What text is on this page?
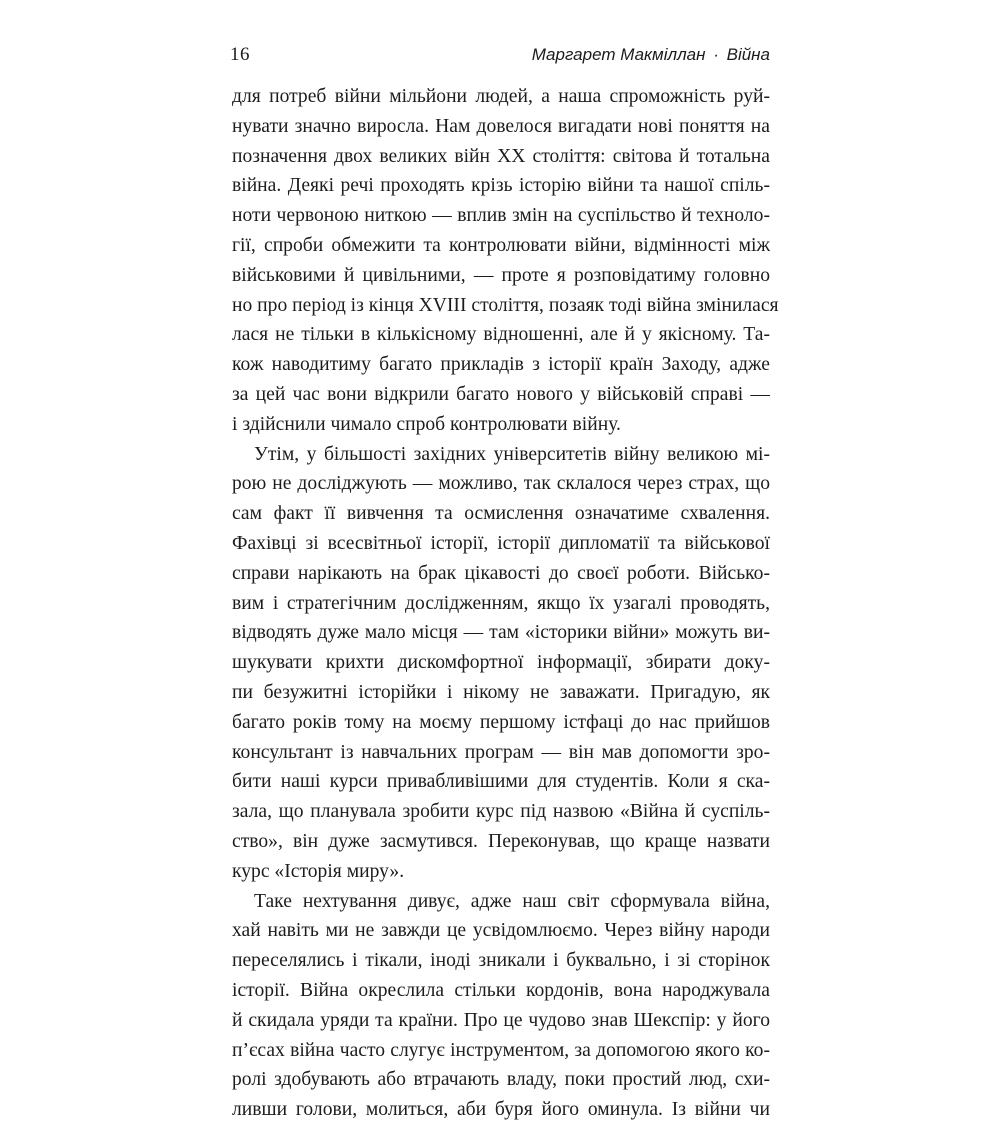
16	Маргарет Макміллан · Війна
для потреб війни мільйони людей, а наша спроможність руй-
нувати значно виросла. Нам довелося вигадати нові поняття на
позначення двох великих війн XX століття: світова й тотальна
війна. Деякі речі проходять крізь історію війни та нашої спіль-
ноти червоною ниткою — вплив змін на суспільство й техноло-
гії, спроби обмежити та контролювати війни, відмінності між
військовими й цивільними, — проте я розповідатиму головно
но про період із кінця XVIII століття, позаяк тоді війна змінилася
лася не тільки в кількісному відношенні, але й у якісному. Та-
кож наводитиму багато прикладів з історії країн Заходу, адже
за цей час вони відкрили багато нового у військовій справі —
і здійснили чималo спроб контролювати війну.
Утім, у більшості західних університетів війну великою мі-
рою не досліджують — можливо, так склалося через страх, що
сам факт її вивчення та осмислення означатиме схвалення.
Фахівці зі всесвітньої історії, історії дипломатії та військової
справи нарікають на брак цікавості до своєї роботи. Військо-
вим і стратегічним дослідженням, якщо їх узагалі проводять,
відводять дуже мало місця — там «історики війни» можуть ви-
шукувати крихти дискомфортної інформації, збирати доку-
пи безужитні історійки і нікому не заважати. Пригадую, як
багато років тому на моєму першому істфаці до нас прийшов
консультант із навчальних програм — він мав допомогти зро-
бити наші курси привабливішими для студентів. Коли я ска-
зала, що планувала зробити курс під назвою «Війна й суспіль-
ство», він дуже засмутився. Переконував, що краще назвати
курс «Історія миру».
Таке нехтування дивує, адже наш світ сформувала війна,
хай навіть ми не завжди це усвідомлюємо. Через війну народи
переселялись і тікали, іноді зникали і буквально, і зі сторінок
історії. Війна окреслила стільки кордонів, вона народжувала
й скидала уряди та країни. Про це чудово знав Шекспір: у його
п’єсах війна часто слугує інструментом, за допомогою якого ко-
ролі здобувають або втрачають владу, поки простий люд, схи-
ливши голови, молиться, аби буря його оминула. Із війни чи
